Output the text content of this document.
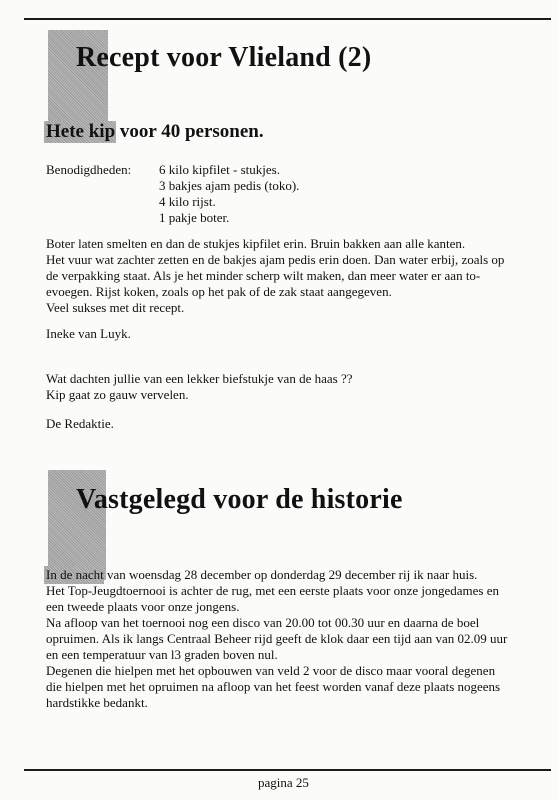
Recept voor Vlieland (2)
Hete kip voor 40 personen.
Benodigdheden: 6 kilo kipfilet - stukjes.
3 bakjes ajam pedis (toko).
4 kilo rijst.
1 pakje boter.
Boter laten smelten en dan de stukjes kipfilet erin. Bruin bakken aan alle kanten.
Het vuur wat zachter zetten en de bakjes ajam pedis erin doen. Dan water erbij, zoals op
de verpakking staat. Als je het minder scherp wilt maken, dan meer water er aan to-
evoegen. Rijst koken, zoals op het pak of de zak staat aangegeven.
Veel sukses met dit recept.
Ineke van Luyk.
Wat dachten jullie van een lekker biefstukje van de haas ??
Kip gaat zo gauw vervelen.
De Redaktie.
Vastgelegd voor de historie
In de nacht van woensdag 28 december op donderdag 29 december rij ik naar huis.
Het Top-Jeugdtoernooi is achter de rug, met een eerste plaats voor onze jongedames en
een tweede plaats voor onze jongens.
Na afloop van het toernooi nog een disco van 20.00 tot 00.30 uur en daarna de boel
opruimen. Als ik langs Centraal Beheer rijd geeft de klok daar een tijd aan van 02.09 uur
en een temperatuur van l3 graden boven nul.
Degenen die hielpen met het opbouwen van veld 2 voor de disco maar vooral degenen
die hielpen met het opruimen na afloop van het feest worden vanaf deze plaats nogeens
hardstikke bedankt.
pagina 25
